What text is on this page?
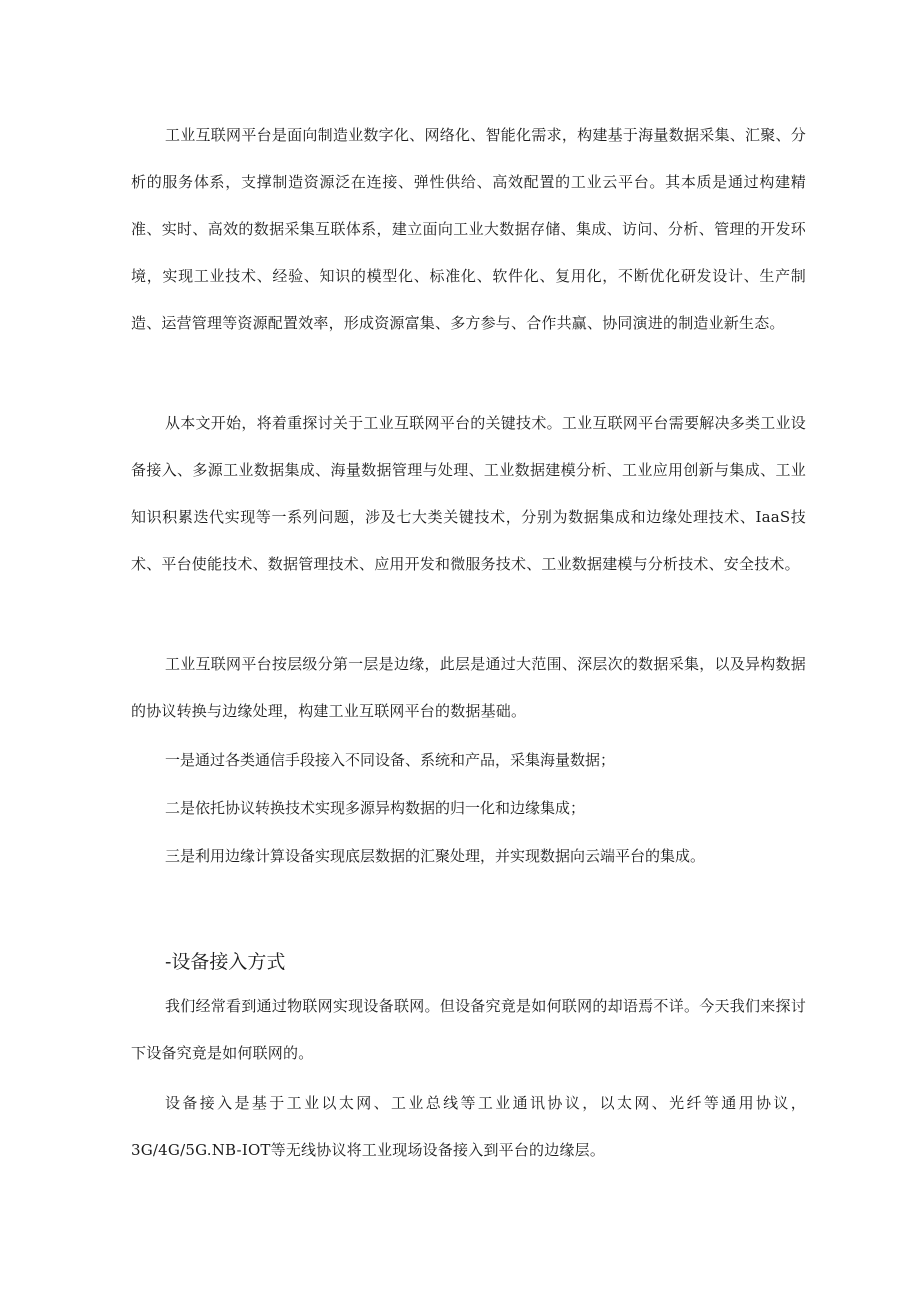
工业互联网平台是面向制造业数字化、网络化、智能化需求，构建基于海量数据采集、汇聚、分析的服务体系，支撑制造资源泛在连接、弹性供给、高效配置的工业云平台。其本质是通过构建精准、实时、高效的数据采集互联体系，建立面向工业大数据存储、集成、访问、分析、管理的开发环境，实现工业技术、经验、知识的模型化、标准化、软件化、复用化，不断优化研发设计、生产制造、运营管理等资源配置效率，形成资源富集、多方参与、合作共赢、协同演进的制造业新生态。

从本文开始，将着重探讨关于工业互联网平台的关键技术。工业互联网平台需要解决多类工业设备接入、多源工业数据集成、海量数据管理与处理、工业数据建模分析、工业应用创新与集成、工业知识积累迭代实现等一系列问题，涉及七大类关键技术，分别为数据集成和边缘处理技术、IaaS技术、平台使能技术、数据管理技术、应用开发和微服务技术、工业数据建模与分析技术、安全技术。

工业互联网平台按层级分第一层是边缘，此层是通过大范围、深层次的数据采集，以及异构数据的协议转换与边缘处理，构建工业互联网平台的数据基础。

一是通过各类通信手段接入不同设备、系统和产品，采集海量数据；

二是依托协议转换技术实现多源异构数据的归一化和边缘集成；

三是利用边缘计算设备实现底层数据的汇聚处理，并实现数据向云端平台的集成。

-设备接入方式

我们经常看到通过物联网实现设备联网。但设备究竟是如何联网的却语焉不详。今天我们来探讨下设备究竟是如何联网的。

设备接入是基于工业以太网、工业总线等工业通讯协议，以太网、光纤等通用协议，3G/4G/5G.NB-IOT等无线协议将工业现场设备接入到平台的边缘层。
